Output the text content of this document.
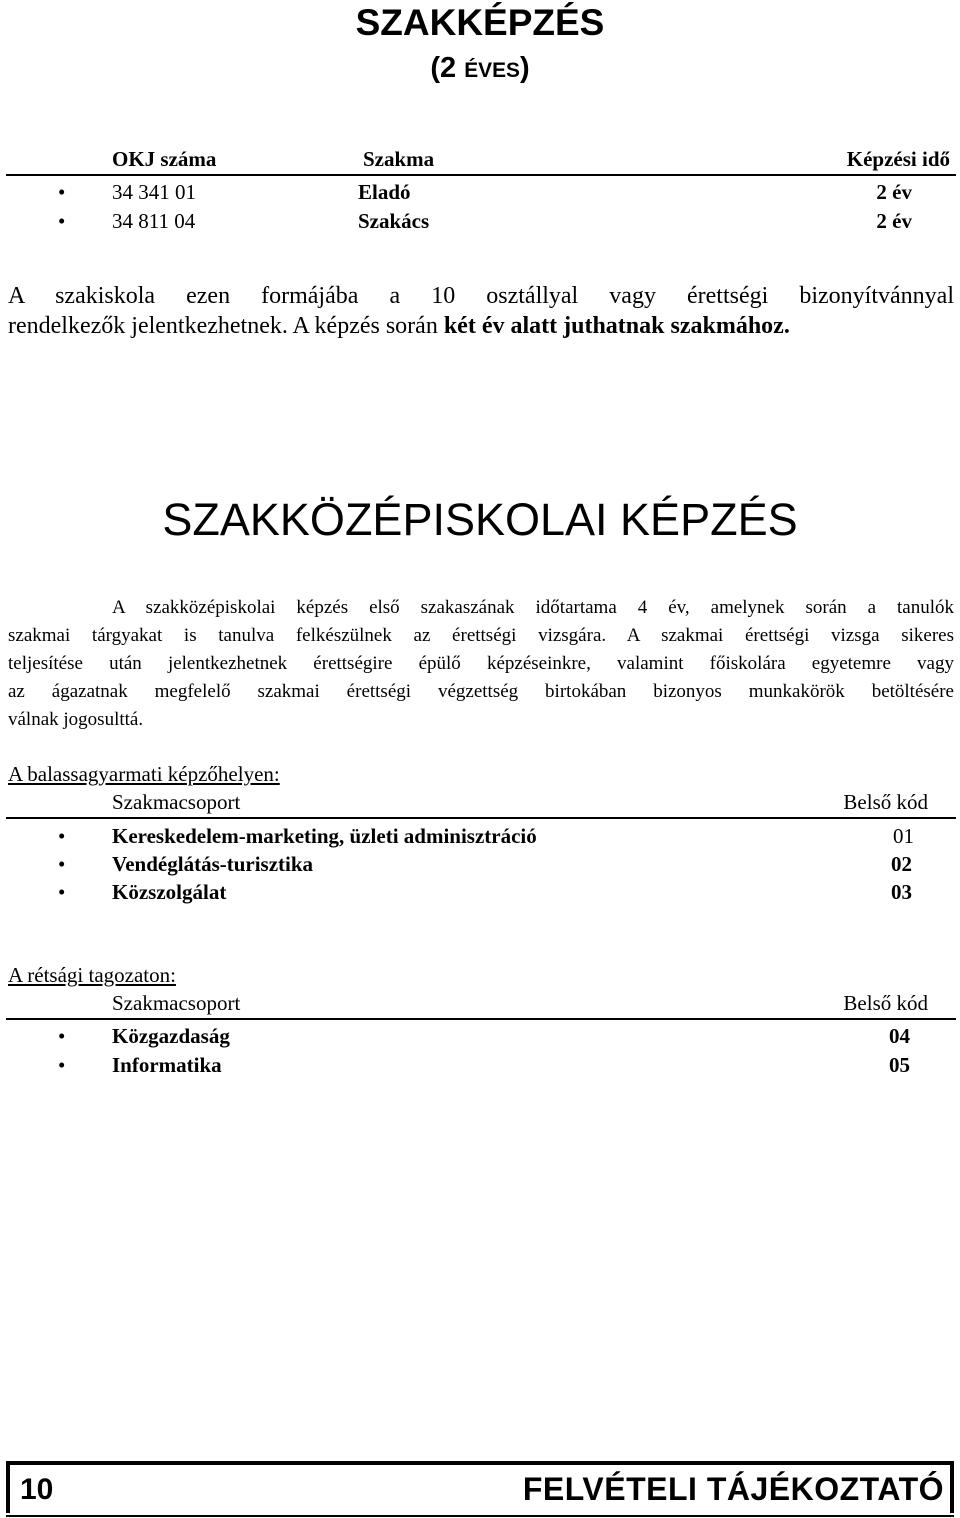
SZAKKÉPZÉS
(2 ÉVES)
OKJ száma	Szakma	Képzési idő
• 34 341 01	Eladó	2 év
• 34 811 04	Szakács	2 év
A szakiskola ezen formájába a 10 osztállyal vagy érettségi bizonyítvánnyal
rendelkezők jelentkezhetnek. A képzés során két év alatt juthatnak szakmához.
SZAKKÖZÉPISKOLAI KÉPZÉS
A szakközépiskolai képzés első szakaszának időtartama 4 év, amelynek során a tanulók
szakmai tárgyakat is tanulva felkészülnek az érettségi vizsgára. A szakmai érettségi vizsga sikeres
teljesítése után jelentkezhetnek érettségire épülő képzéseinkre, valamint főiskolára egyetemre vagy
az ágazatnak megfelelő szakmai érettségi végzettség birtokában bizonyos munkakörök betöltésére
válnak jogosulttá.
A balassagyarmati képzőhelyen:
Szakmacsoport	Belső kód
• Kereskedelem-marketing, üzleti adminisztráció	01
• Vendéglátás-turisztika	02
• Közszolgálat	03
A rétsági tagozaton:
Szakmacsoport	Belső kód
• Közgazdaság	04
• Informatika	05
10	FELVÉTELI TÁJÉKOZTATÓ
